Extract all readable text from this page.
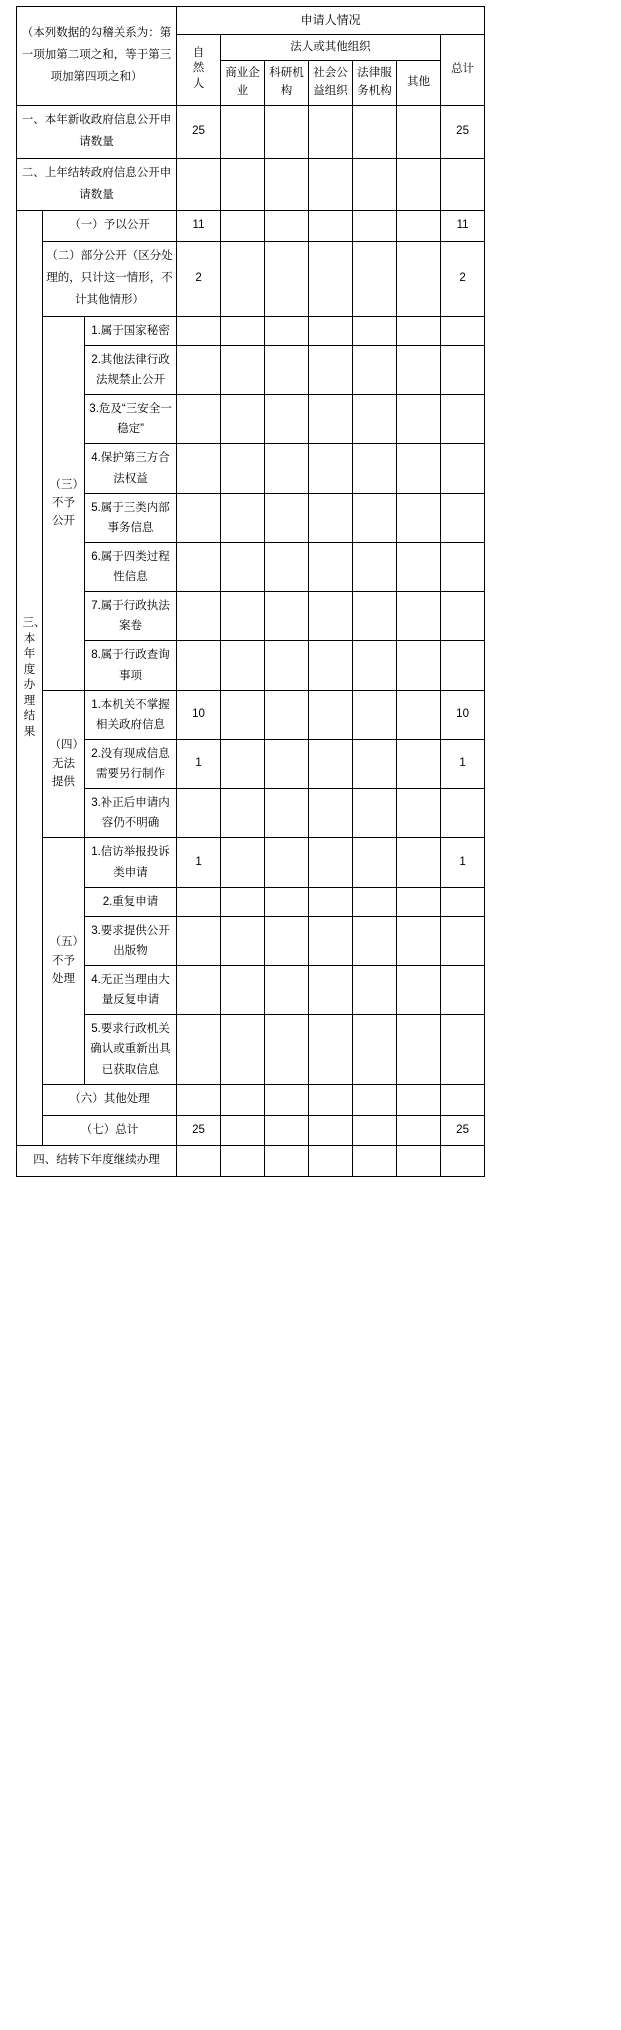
（本列数据的勾稽关系为：第一项加第二项之和，等于第三项加第四项之和）			申请人情况						
			自然人	法人或其他组织					总计
				商业企业	科研机构	社会公益组织	法律服务机构	其他	
一、本年新收政府信息公开申请数量			25						25
二、上年结转政府信息公开申请数量									

三、本年度办理结果	（一）予以公开		11						11
	（二）部分公开（区分处理的，只计这一情形，不计其他情形）		2						2

	（三）不予公开	1.属于国家秘密							
		2.其他法律行政法规禁止公开							
		3.危及“三安全一稳定”							
		4.保护第三方合法权益							
		5.属于三类内部事务信息							
		6.属于四类过程性信息							
		7.属于行政执法案卷							
		8.属于行政查询事项							

	（四）无法提供	1.本机关不掌握相关政府信息	10						10
		2.没有现成信息需要另行制作	1						1
		3.补正后申请内容仍不明确							

	（五）不予处理	1.信访举报投诉类申请	1						1
		2.重复申请							
		3.要求提供公开出版物							
		4.无正当理由大量反复申请							
		5.要求行政机关确认或重新出具已获取信息							
	（六）其他处理								
	（七）总计		25						25
四、结转下年度继续办理									
